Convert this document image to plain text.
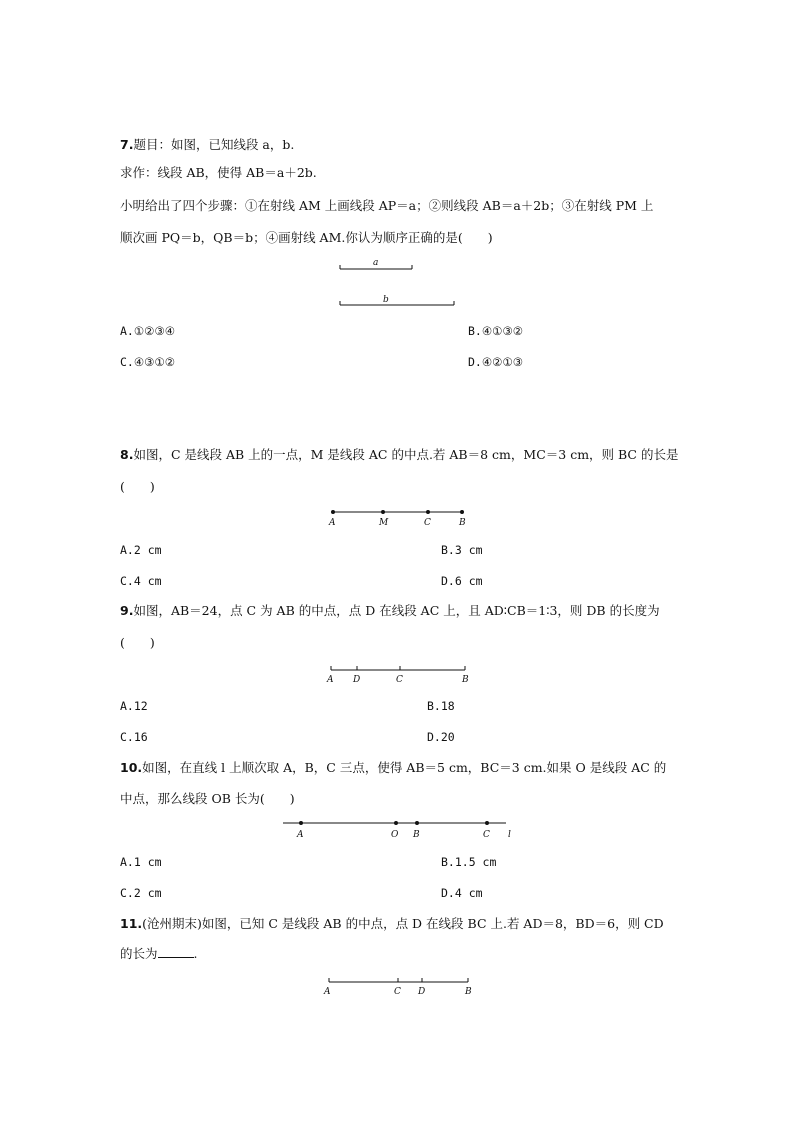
7.题目：如图，已知线段 a，b.
求作：线段 AB，使得 AB＝a＋2b.
小明给出了四个步骤：①在射线 AM 上画线段 AP＝a；②则线段 AB＝a＋2b；③在射线 PM 上
顺次画 PQ＝b，QB＝b；④画射线 AM.你认为顺序正确的是(　　)
a
b
A.①②③④	B.④①③②
C.④③①②	D.④②①③
8.如图，C 是线段 AB 上的一点，M 是线段 AC 的中点.若 AB＝8 cm，MC＝3 cm，则 BC 的长是
(　　)
A	M	C	B
A.2 cm	B.3 cm
C.4 cm	D.6 cm
9.如图，AB＝24，点 C 为 AB 的中点，点 D 在线段 AC 上，且 AD∶CB＝1∶3，则 DB 的长度为
(　　)
A D	C	B
A.12	B.18
C.16	D.20
10.如图，在直线 l 上顺次取 A，B，C 三点，使得 AB＝5 cm，BC＝3 cm.如果 O 是线段 AC 的
中点，那么线段 OB 长为(　　)
A	O B	C l
A.1 cm	B.1.5 cm
C.2 cm	D.4 cm
11.(沧州期末)如图，已知 C 是线段 AB 的中点，点 D 在线段 BC 上.若 AD＝8，BD＝6，则 CD
的长为	.
A	C D	B
